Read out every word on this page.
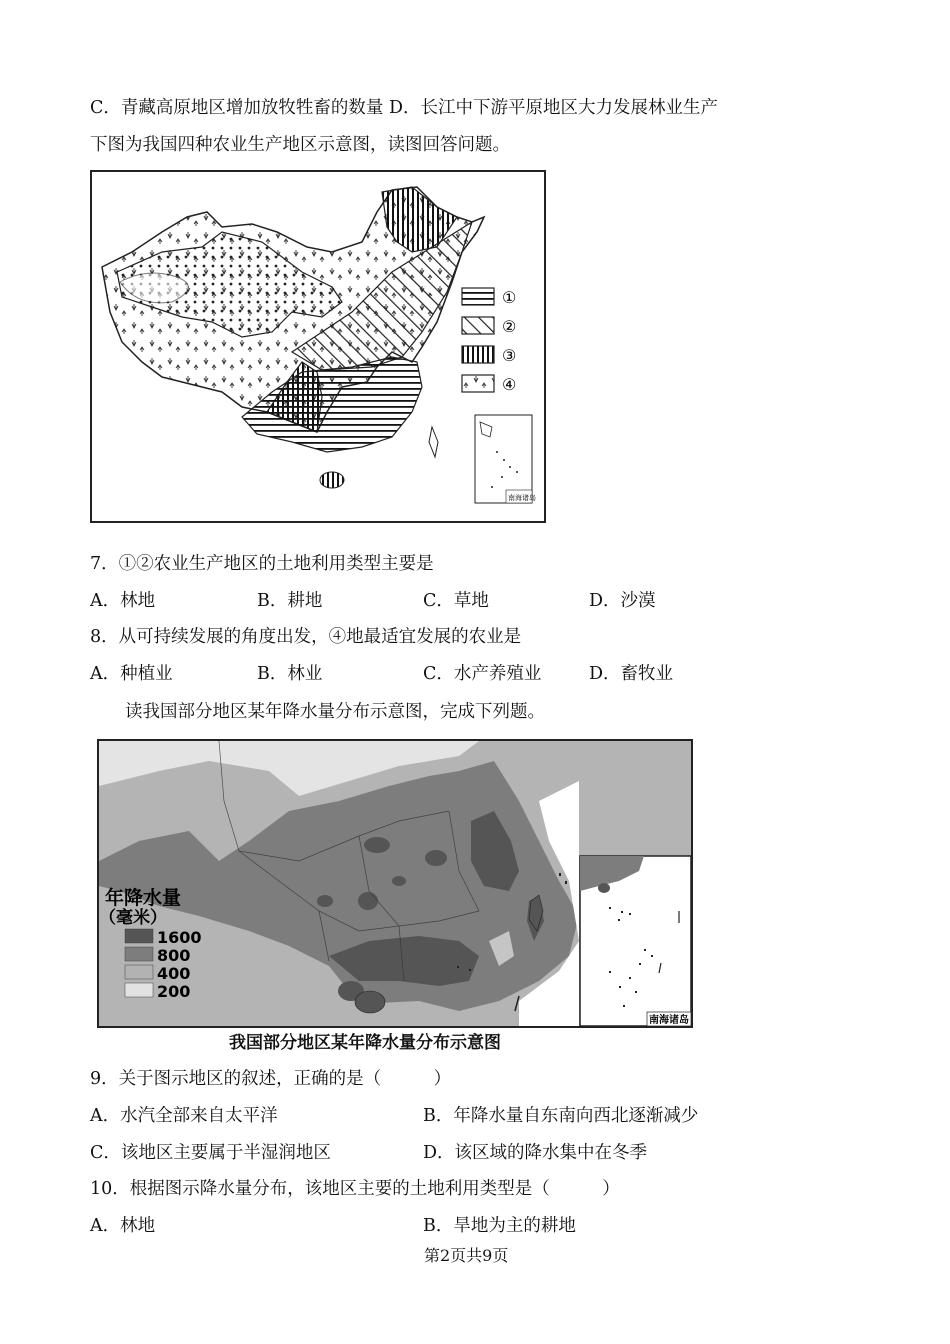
C．青藏高原地区增加放牧牲畜的数量 D．长江中下游平原地区大力发展林业生产
下图为我国四种农业生产地区示意图，读图回答问题。
①
②
③
④
南海诸岛
7．①②农业生产地区的土地利用类型主要是
A．林地	B．耕地	C．草地	D．沙漠
8．从可持续发展的角度出发，④地最适宜发展的农业是
A．种植业	B．林业	C．水产养殖业	D．畜牧业
读我国部分地区某年降水量分布示意图，完成下列题。
年降水量
（毫米）
1600
800
400
200
南海诸岛
我国部分地区某年降水量分布示意图
9．关于图示地区的叙述，正确的是（　　　）
A．水汽全部来自太平洋	B．年降水量自东南向西北逐渐减少
C．该地区主要属于半湿润地区	D．该区域的降水集中在冬季
10．根据图示降水量分布，该地区主要的土地利用类型是（　　　）
A．林地	B．旱地为主的耕地
第2页共9页
